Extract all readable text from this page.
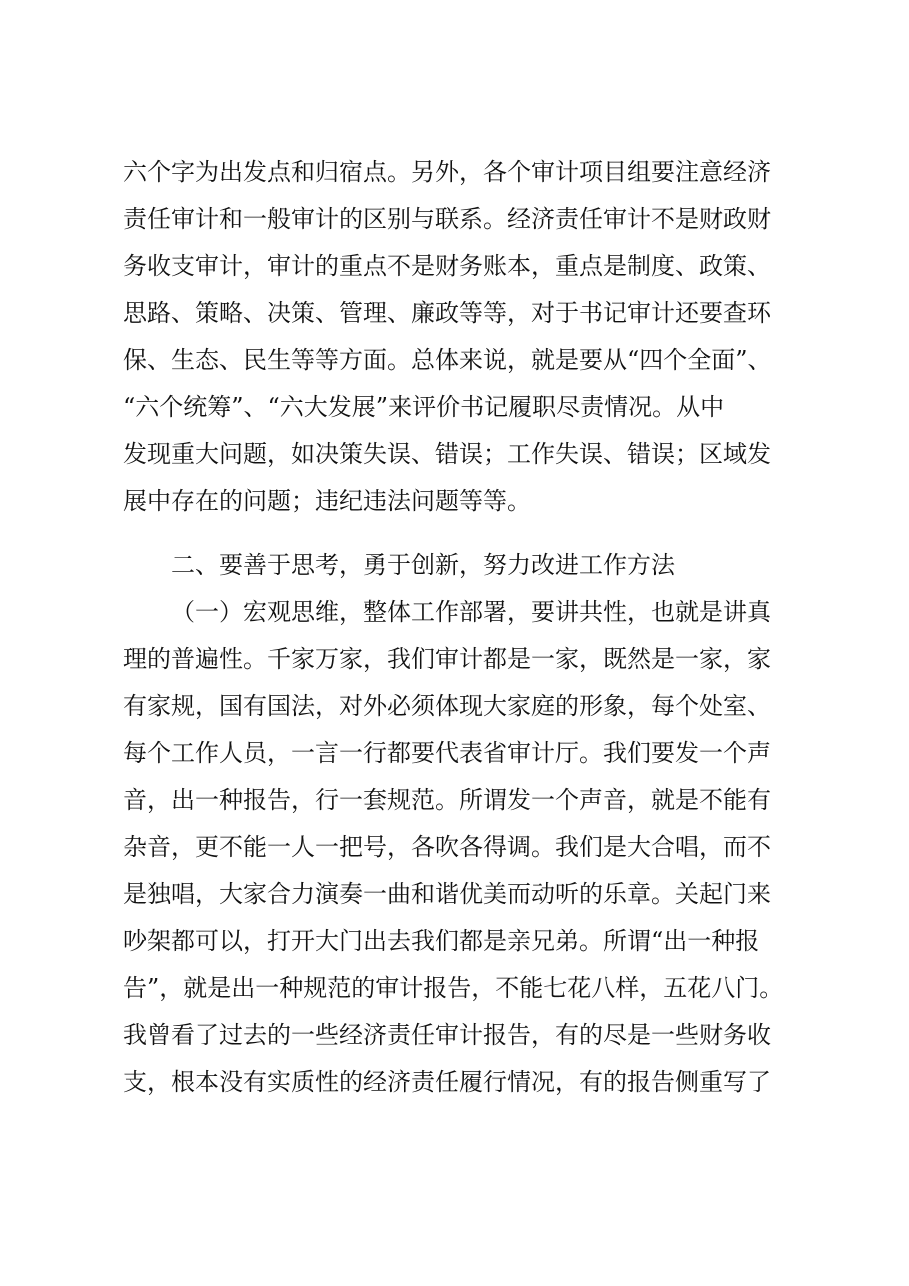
六个字为出发点和归宿点。另外，各个审计项目组要注意经济
责任审计和一般审计的区别与联系。经济责任审计不是财政财
务收支审计，审计的重点不是财务账本，重点是制度、政策、
思路、策略、决策、管理、廉政等等，对于书记审计还要查环
保、生态、民生等等方面。总体来说，就是要从“四个全面”、
“六个统筹”、“六大发展”来评价书记履职尽责情况。从中
发现重大问题，如决策失误、错误；工作失误、错误；区域发
展中存在的问题；违纪违法问题等等。
二、要善于思考，勇于创新，努力改进工作方法
（一）宏观思维，整体工作部署，要讲共性，也就是讲真
理的普遍性。千家万家，我们审计都是一家，既然是一家，家
有家规，国有国法，对外必须体现大家庭的形象，每个处室、
每个工作人员，一言一行都要代表省审计厅。我们要发一个声
音，出一种报告，行一套规范。所谓发一个声音，就是不能有
杂音，更不能一人一把号，各吹各得调。我们是大合唱，而不
是独唱，大家合力演奏一曲和谐优美而动听的乐章。关起门来
吵架都可以，打开大门出去我们都是亲兄弟。所谓“出一种报
告”，就是出一种规范的审计报告，不能七花八样，五花八门。
我曾看了过去的一些经济责任审计报告，有的尽是一些财务收
支，根本没有实质性的经济责任履行情况，有的报告侧重写了
